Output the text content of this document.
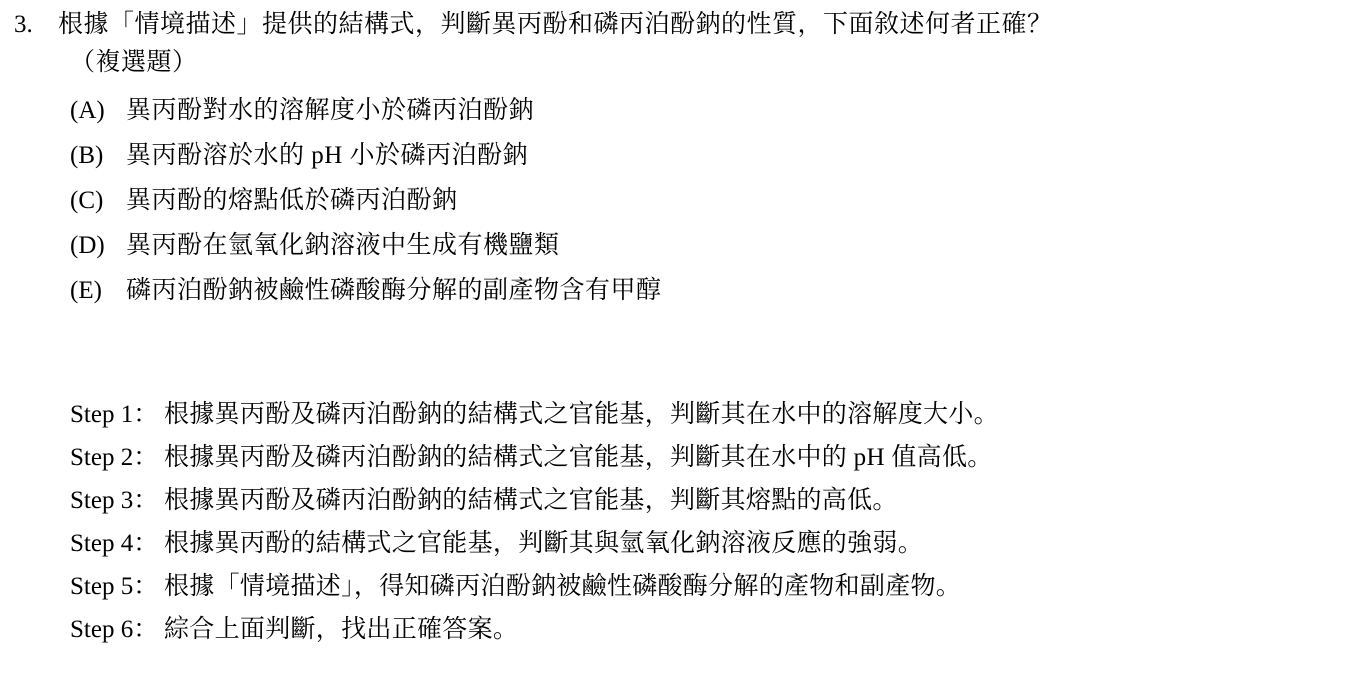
3.	根據「情境描述」提供的結構式，判斷異丙酚和磷丙泊酚鈉的性質，下面敘述何者正確？
（複選題）
(A) 異丙酚對水的溶解度小於磷丙泊酚鈉
(B) 異丙酚溶於水的 pH 小於磷丙泊酚鈉
(C) 異丙酚的熔點低於磷丙泊酚鈉
(D) 異丙酚在氫氧化鈉溶液中生成有機鹽類
(E) 磷丙泊酚鈉被鹼性磷酸酶分解的副產物含有甲醇
Step 1： 根據異丙酚及磷丙泊酚鈉的結構式之官能基，判斷其在水中的溶解度大小。
Step 2： 根據異丙酚及磷丙泊酚鈉的結構式之官能基，判斷其在水中的 pH 值高低。
Step 3： 根據異丙酚及磷丙泊酚鈉的結構式之官能基，判斷其熔點的高低。
Step 4： 根據異丙酚的結構式之官能基，判斷其與氫氧化鈉溶液反應的強弱。
Step 5： 根據「情境描述」，得知磷丙泊酚鈉被鹼性磷酸酶分解的產物和副產物。
Step 6： 綜合上面判斷，找出正確答案。
